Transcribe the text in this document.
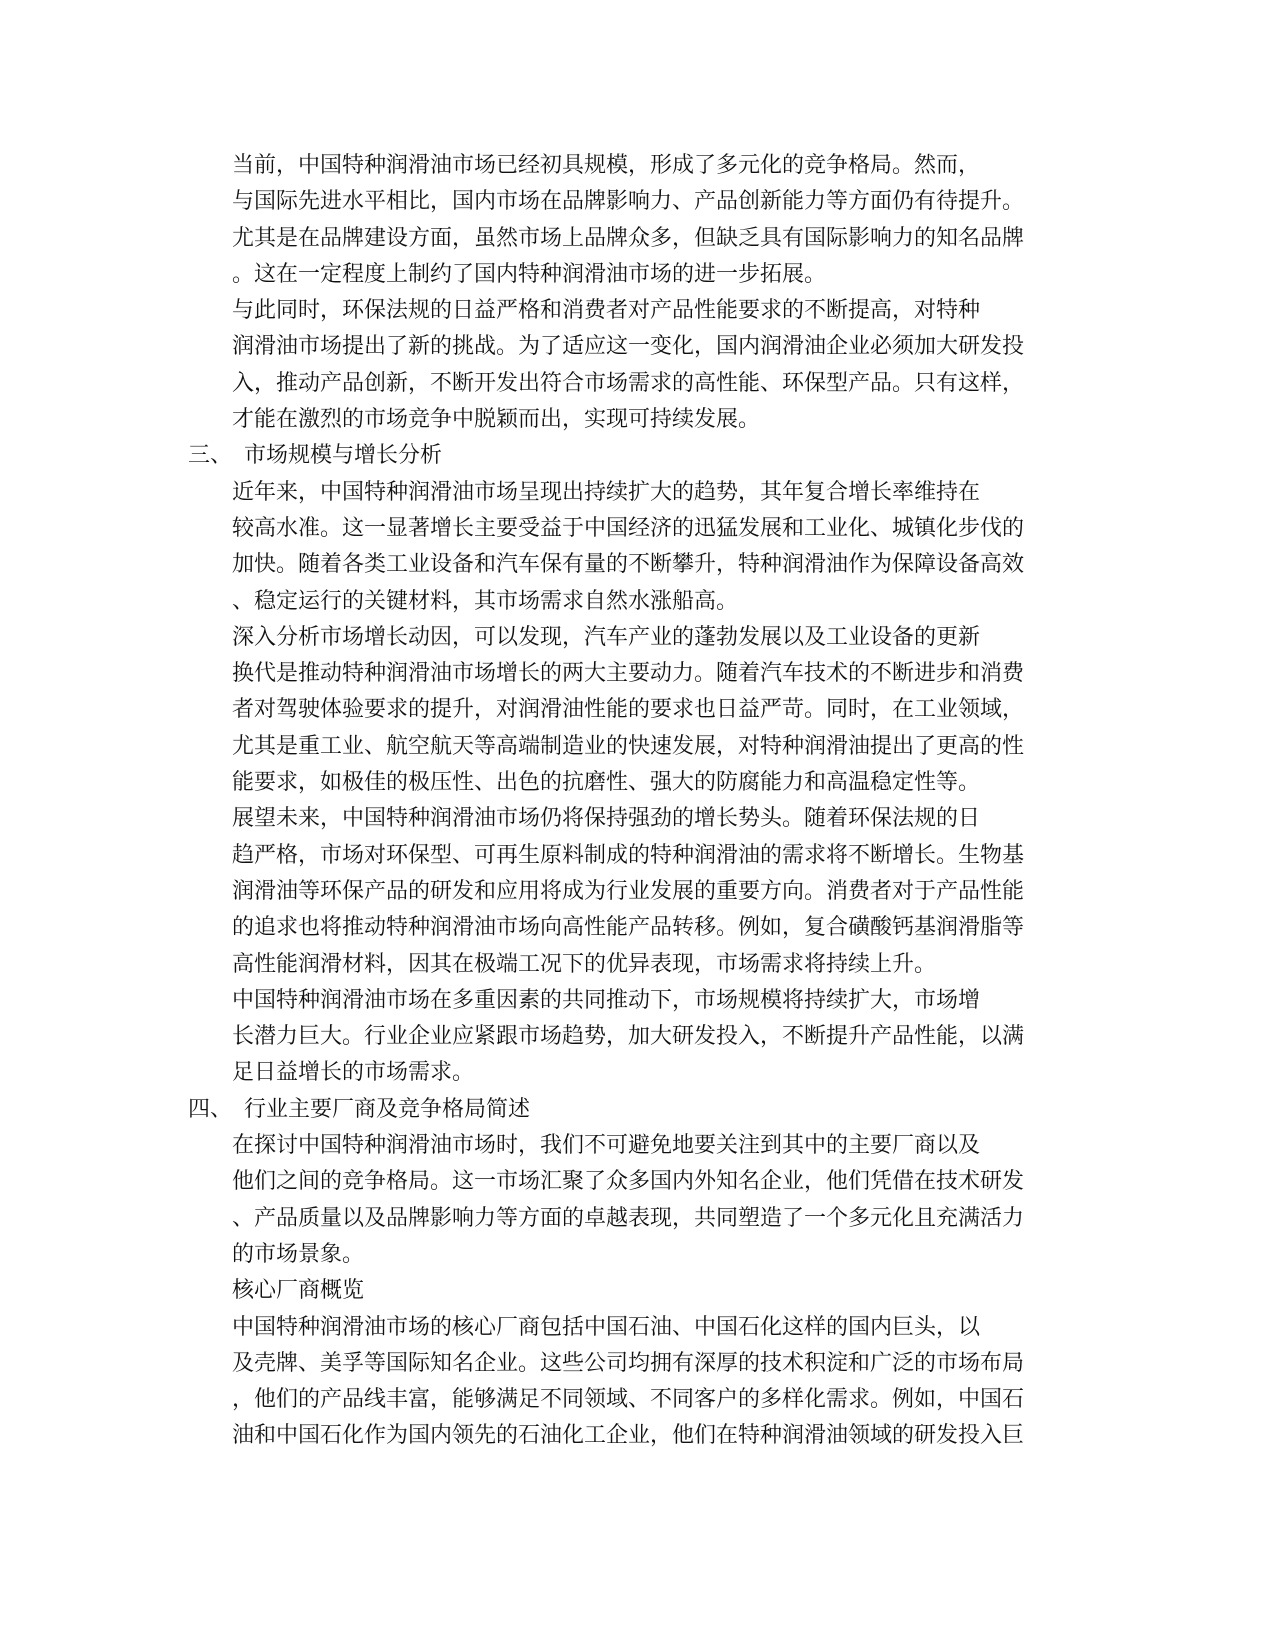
当前，中国特种润滑油市场已经初具规模，形成了多元化的竞争格局。然而，
与国际先进水平相比，国内市场在品牌影响力、产品创新能力等方面仍有待提升。
尤其是在品牌建设方面，虽然市场上品牌众多，但缺乏具有国际影响力的知名品牌
。这在一定程度上制约了国内特种润滑油市场的进一步拓展。

与此同时，环保法规的日益严格和消费者对产品性能要求的不断提高，对特种
润滑油市场提出了新的挑战。为了适应这一变化，国内润滑油企业必须加大研发投
入，推动产品创新，不断开发出符合市场需求的高性能、环保型产品。只有这样，
才能在激烈的市场竞争中脱颖而出，实现可持续发展。

三、 市场规模与增长分析

近年来，中国特种润滑油市场呈现出持续扩大的趋势，其年复合增长率维持在
较高水准。这一显著增长主要受益于中国经济的迅猛发展和工业化、城镇化步伐的
加快。随着各类工业设备和汽车保有量的不断攀升，特种润滑油作为保障设备高效
、稳定运行的关键材料，其市场需求自然水涨船高。

深入分析市场增长动因，可以发现，汽车产业的蓬勃发展以及工业设备的更新
换代是推动特种润滑油市场增长的两大主要动力。随着汽车技术的不断进步和消费
者对驾驶体验要求的提升，对润滑油性能的要求也日益严苛。同时，在工业领域，
尤其是重工业、航空航天等高端制造业的快速发展，对特种润滑油提出了更高的性
能要求，如极佳的极压性、出色的抗磨性、强大的防腐能力和高温稳定性等。

展望未来，中国特种润滑油市场仍将保持强劲的增长势头。随着环保法规的日
趋严格，市场对环保型、可再生原料制成的特种润滑油的需求将不断增长。生物基
润滑油等环保产品的研发和应用将成为行业发展的重要方向。消费者对于产品性能
的追求也将推动特种润滑油市场向高性能产品转移。例如，复合磺酸钙基润滑脂等
高性能润滑材料，因其在极端工况下的优异表现，市场需求将持续上升。

中国特种润滑油市场在多重因素的共同推动下，市场规模将持续扩大，市场增
长潜力巨大。行业企业应紧跟市场趋势，加大研发投入，不断提升产品性能，以满
足日益增长的市场需求。

四、 行业主要厂商及竞争格局简述

在探讨中国特种润滑油市场时，我们不可避免地要关注到其中的主要厂商以及
他们之间的竞争格局。这一市场汇聚了众多国内外知名企业，他们凭借在技术研发
、产品质量以及品牌影响力等方面的卓越表现，共同塑造了一个多元化且充满活力
的市场景象。

核心厂商概览

中国特种润滑油市场的核心厂商包括中国石油、中国石化这样的国内巨头，以
及壳牌、美孚等国际知名企业。这些公司均拥有深厚的技术积淀和广泛的市场布局
，他们的产品线丰富，能够满足不同领域、不同客户的多样化需求。例如，中国石
油和中国石化作为国内领先的石油化工企业，他们在特种润滑油领域的研发投入巨
